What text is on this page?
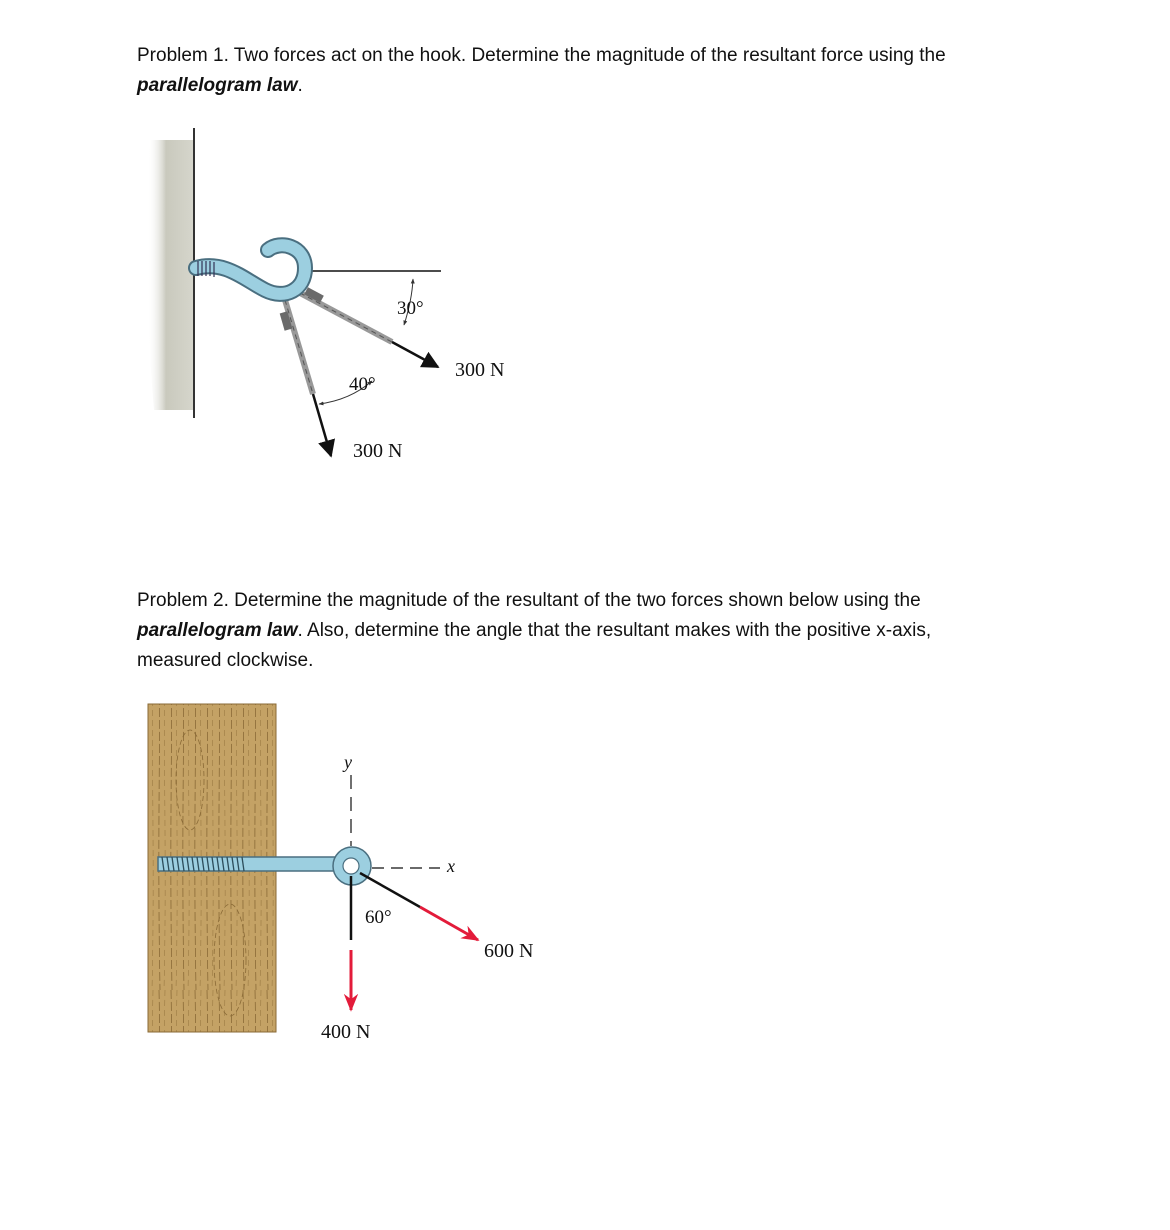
Problem 1. Two forces act on the hook. Determine the magnitude of the resultant force using the parallelogram law.

Problem 2. Determine the magnitude of the resultant of the two forces shown below using the parallelogram law. Also, determine the angle that the resultant makes with the positive x-axis, measured clockwise.

30°
40°
300 N
300 N
y
x
60°
600 N
400 N
